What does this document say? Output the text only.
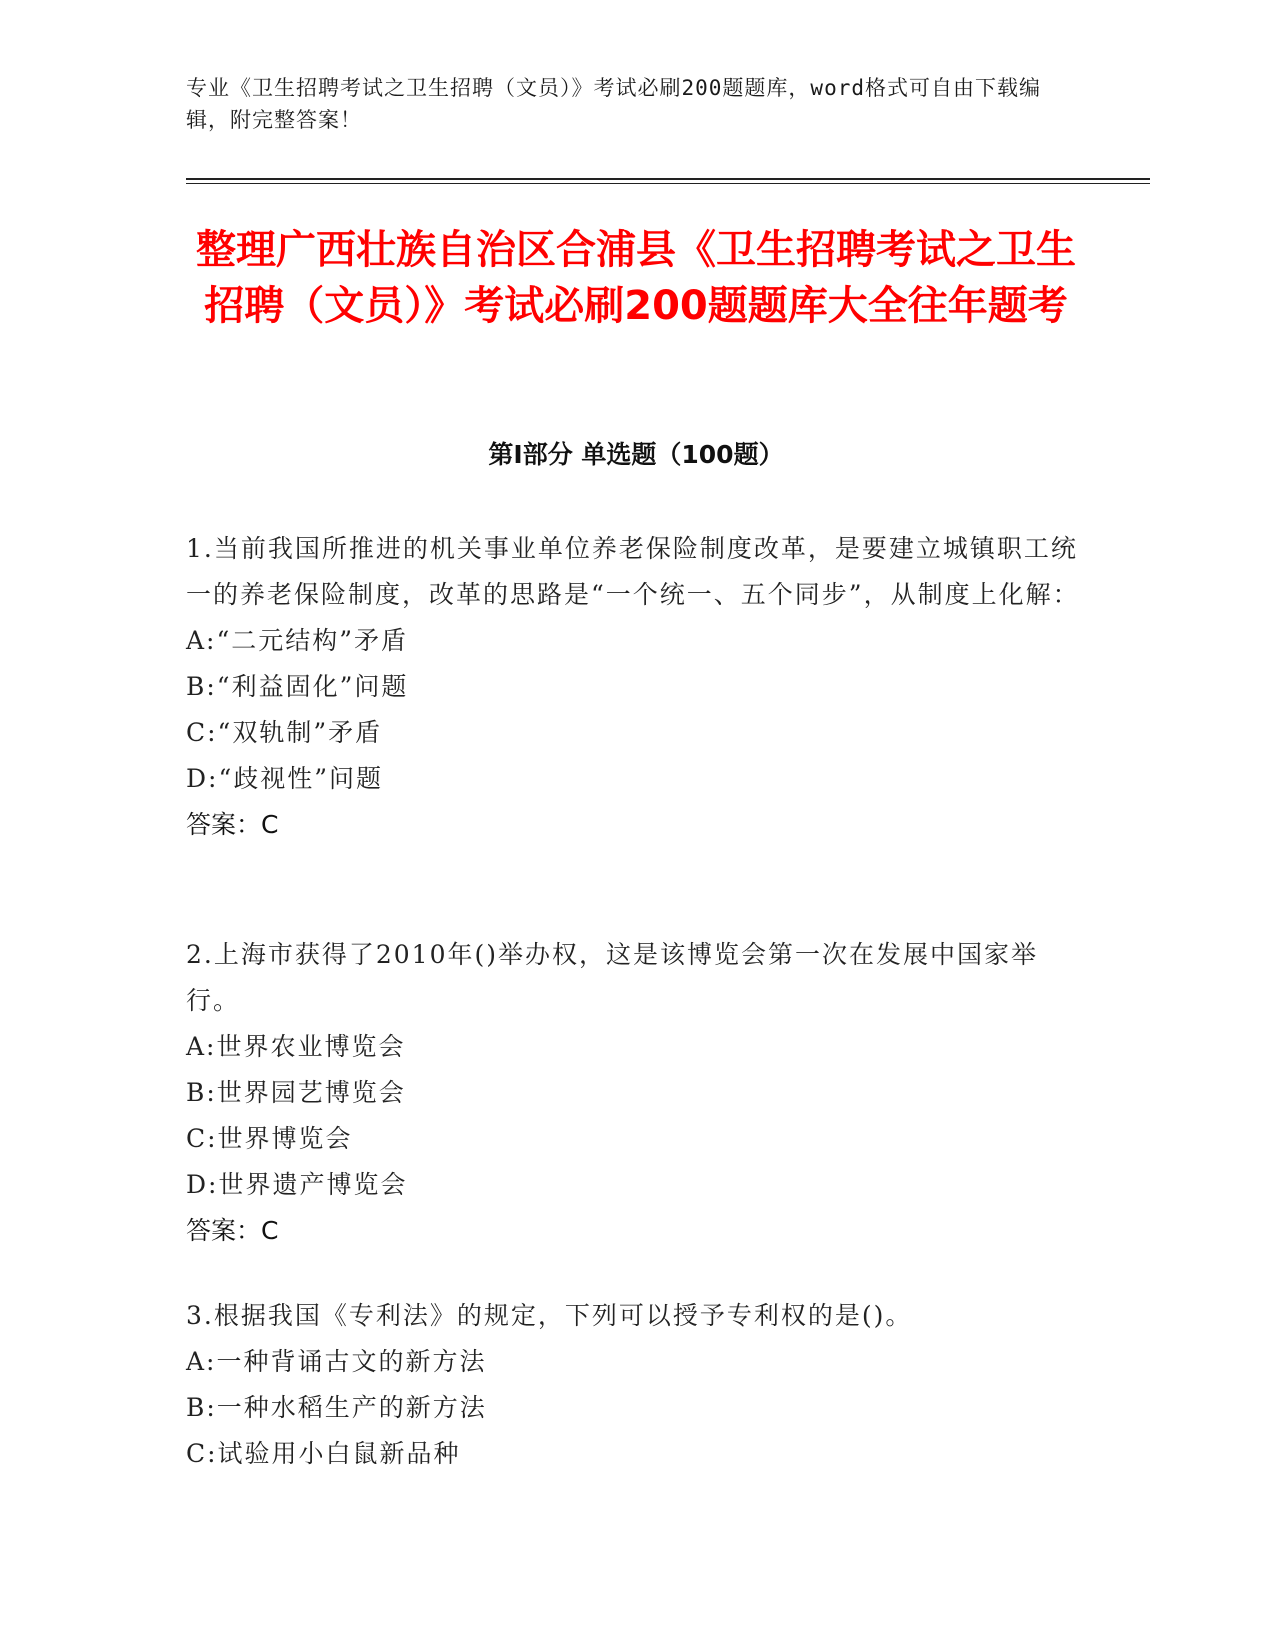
专业《卫生招聘考试之卫生招聘（文员）》考试必刷200题题库，word格式可自由下载编辑，附完整答案！
整理广西壮族自治区合浦县《卫生招聘考试之卫生招聘（文员）》考试必刷200题题库大全往年题考
第Ⅰ部分 单选题（100题）
1.当前我国所推进的机关事业单位养老保险制度改革，是要建立城镇职工统一的养老保险制度，改革的思路是“一个统一、五个同步”，从制度上化解：
A:“二元结构”矛盾
B:“利益固化”问题
C:“双轨制”矛盾
D:“歧视性”问题
答案：C
2.上海市获得了2010年()举办权，这是该博览会第一次在发展中国家举行。
A:世界农业博览会
B:世界园艺博览会
C:世界博览会
D:世界遗产博览会
答案：C
3.根据我国《专利法》的规定，下列可以授予专利权的是()。
A:一种背诵古文的新方法
B:一种水稻生产的新方法
C:试验用小白鼠新品种
